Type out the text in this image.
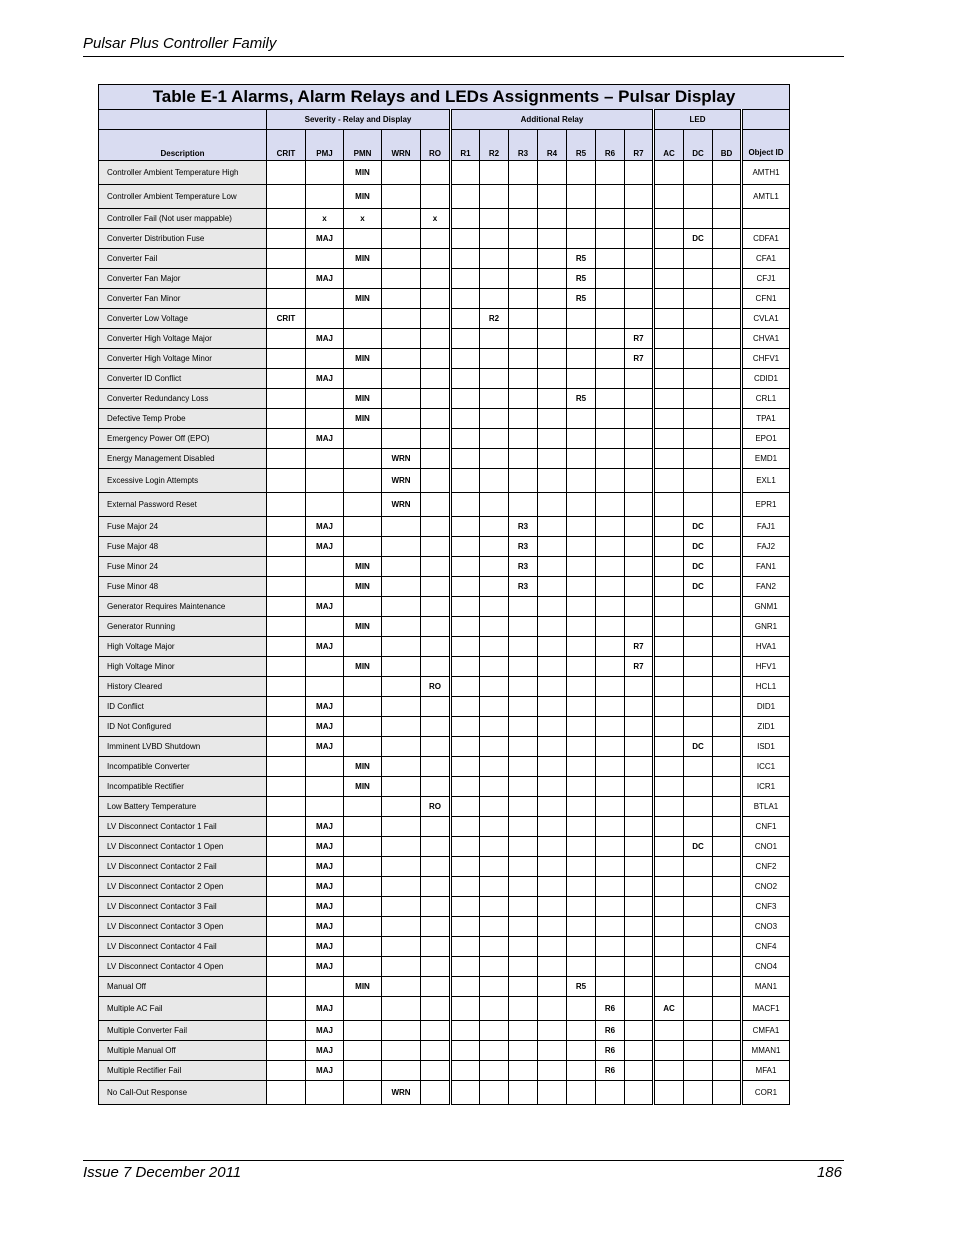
Pulsar Plus Controller Family
Table E-1 Alarms, Alarm Relays and LEDs Assignments – Pulsar Display																
	Severity - Relay and Display					Additional Relay							LED			
Description	CRIT	PMJ	PMN	WRN	RO	R1	R2	R3	R4	R5	R6	R7	AC	DC	BD	Object ID
Controller Ambient Temperature High			MIN													AMTH1
Controller Ambient Temperature Low			MIN													AMTL1
Controller Fail (Not user mappable)		x	x		x											
Converter Distribution Fuse		MAJ												DC		CDFA1
Converter Fail			MIN							R5						CFA1
Converter Fan Major		MAJ								R5						CFJ1
Converter Fan Minor			MIN							R5						CFN1
Converter Low Voltage	CRIT						R2									CVLA1
Converter High Voltage Major		MAJ										R7				CHVA1
Converter High Voltage Minor			MIN									R7				CHFV1
Converter ID Conflict		MAJ														CDID1
Converter Redundancy Loss			MIN							R5						CRL1
Defective Temp Probe			MIN													TPA1
Emergency Power Off (EPO)		MAJ														EPO1
Energy Management Disabled				WRN												EMD1
Excessive Login Attempts				WRN												EXL1
External Password Reset				WRN												EPR1
Fuse Major 24		MAJ						R3						DC		FAJ1
Fuse Major 48		MAJ						R3						DC		FAJ2
Fuse Minor 24			MIN					R3						DC		FAN1
Fuse Minor 48			MIN					R3						DC		FAN2
Generator Requires Maintenance		MAJ														GNM1
Generator Running			MIN													GNR1
High Voltage Major		MAJ										R7				HVA1
High Voltage Minor			MIN									R7				HFV1
History Cleared					RO											HCL1
ID Conflict		MAJ														DID1
ID Not Configured		MAJ														ZID1
Imminent LVBD Shutdown		MAJ												DC		ISD1
Incompatible Converter			MIN													ICC1
Incompatible Rectifier			MIN													ICR1
Low Battery Temperature					RO											BTLA1
LV Disconnect Contactor 1 Fail		MAJ														CNF1
LV Disconnect Contactor 1 Open		MAJ												DC		CNO1
LV Disconnect Contactor 2 Fail		MAJ														CNF2
LV Disconnect Contactor 2 Open		MAJ														CNO2
LV Disconnect Contactor 3 Fail		MAJ														CNF3
LV Disconnect Contactor 3 Open		MAJ														CNO3
LV Disconnect Contactor 4 Fail		MAJ														CNF4
LV Disconnect Contactor 4 Open		MAJ														CNO4
Manual Off			MIN							R5						MAN1
Multiple AC Fail		MAJ									R6		AC			MACF1
Multiple Converter Fail		MAJ									R6					CMFA1
Multiple Manual Off		MAJ									R6					MMAN1
Multiple Rectifier Fail		MAJ									R6					MFA1
No Call-Out Response				WRN												COR1
Issue 7 December 2011	186
